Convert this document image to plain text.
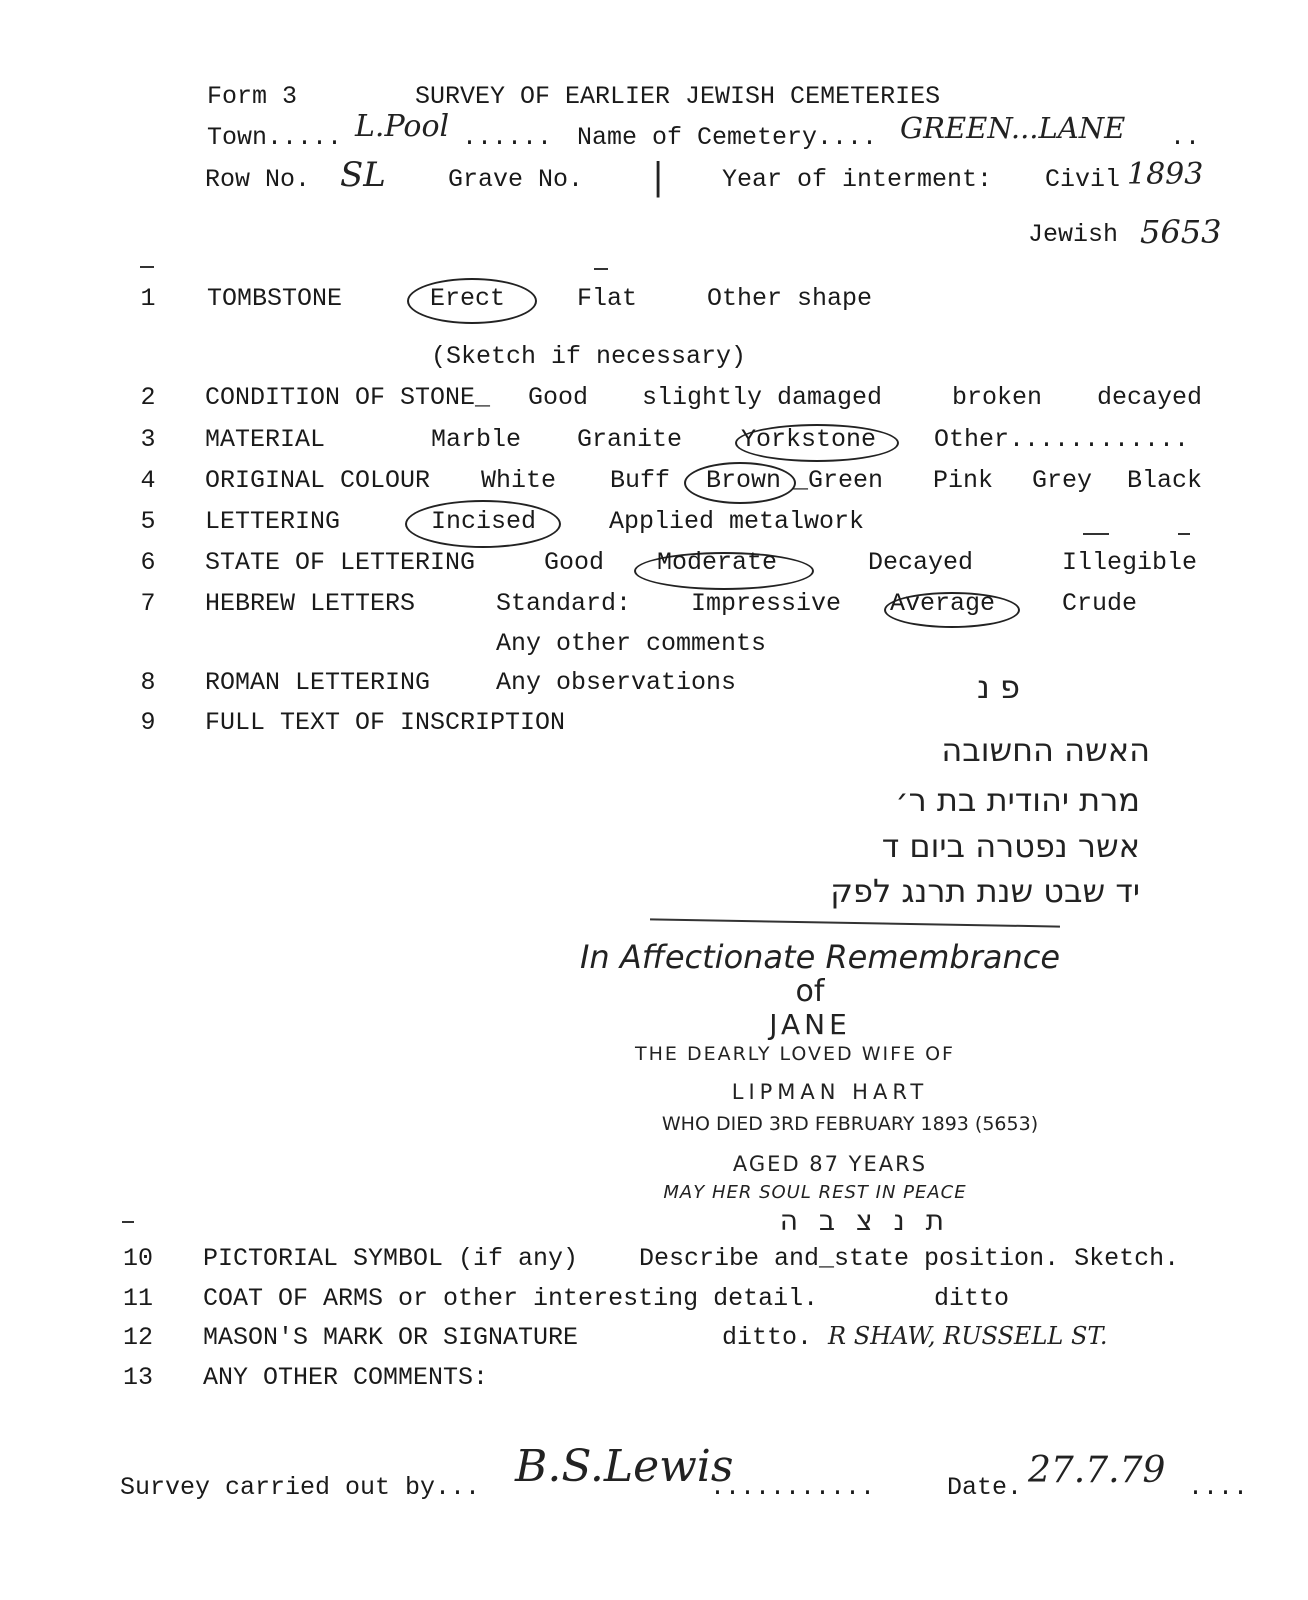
Form 3	SURVEY OF EARLIER JEWISH CEMETERIES
Town..... L.Pool ...... Name of Cemetery.... GREEN...LANE ..
Row No. SL Grave No. | Year of interment: Civil 1893
Jewish 5653
1	TOMBSTONE	Erect	Flat	Other shape
(Sketch if necessary)
2	CONDITION OF STONE_ Good slightly damaged	broken decayed
3	MATERIAL	Marble Granite Yorkstone Other............
4	ORIGINAL COLOUR White Buff Brown _Green Pink Grey Black
5	LETTERING	Incised	Applied metalwork
6	STATE OF LETTERING	Good Moderate	Decayed	Illegible
7	HEBREW LETTERS	Standard: Impressive Average	Crude
Any other comments
8	ROMAN LETTERING	Any observations
9	FULL TEXT OF INSCRIPTION
פ נ
האשה החשובה
מרת יהודית בת ר׳
אשר נפטרה ביום ד
יד שבט שנת תרנג לפק
In Affectionate Remembrance
of
JANE
THE DEARLY LOVED WIFE OF
LIPMAN HART
WHO DIED 3RD FEBRUARY 1893 (5653)
AGED 87 YEARS
MAY HER SOUL REST IN PEACE
ת נ צ ב ה
10 PICTORIAL SYMBOL (if any) Describe and_state position. Sketch.
11 COAT OF ARMS or other interesting detail.	ditto
12 MASON'S MARK OR SIGNATURE	ditto. R SHAW, RUSSELL ST.
13 ANY OTHER COMMENTS:
Survey carried out by... B.S.Lewis
...........	Date. 27.7.79 ....
